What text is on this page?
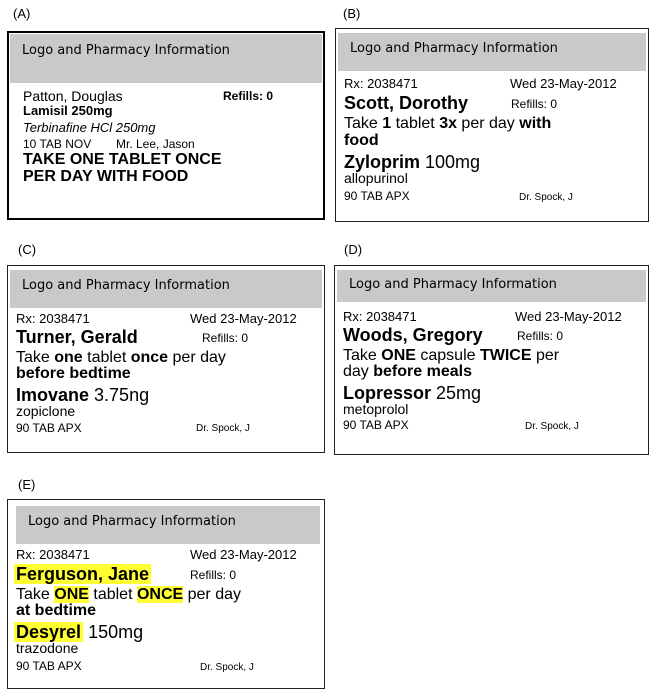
(A)
Logo and Pharmacy Information
Patton, Douglas	Refills: 0
Lamisil 250mg
Terbinafine HCl 250mg
10 TAB NOV Mr. Lee, Jason
TAKE ONE TABLET ONCE
PER DAY WITH FOOD
(B)
Logo and Pharmacy Information
Rx: 2038471	Wed 23-May-2012
Scott, Dorothy	Refills: 0
Take 1 tablet 3x per day with
food
Zyloprim 100mg
allopurinol
90 TAB APX	Dr. Spock, J
(C)
Logo and Pharmacy Information
Rx: 2038471	Wed 23-May-2012
Turner, Gerald	Refills: 0
Take one tablet once per day
before bedtime
Imovane 3.75ng
zopiclone
90 TAB APX	Dr. Spock, J
(D)
Logo and Pharmacy Information
Rx: 2038471	Wed 23-May-2012
Woods, Gregory	Refills: 0
Take ONE capsule TWICE per
day before meals
Lopressor 25mg
metoprolol
90 TAB APX	Dr. Spock, J
(E)
Logo and Pharmacy Information
Rx: 2038471	Wed 23-May-2012
Ferguson, Jane	Refills: 0
Take ONE tablet ONCE per day
at bedtime
Desyrel 150mg
trazodone
90 TAB APX	Dr. Spock, J
